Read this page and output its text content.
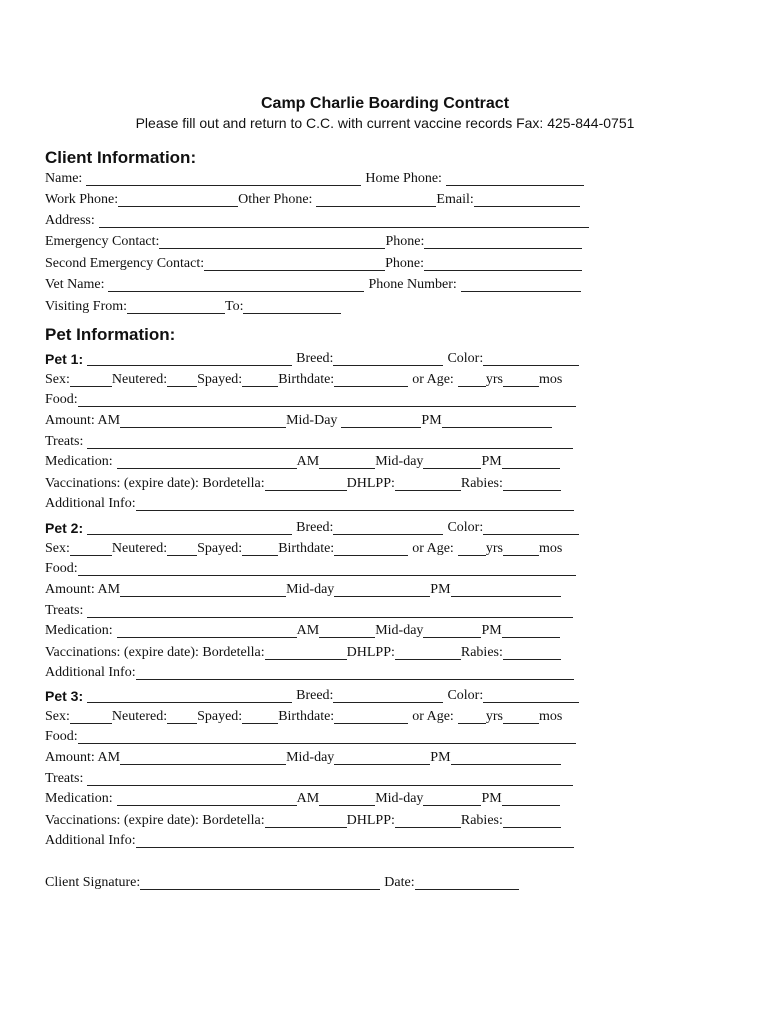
Camp Charlie Boarding Contract
Please fill out and return to C.C. with current vaccine records Fax: 425-844-0751
Client Information:
Name:	Home Phone:
Work Phone:	Other Phone:	Email:
Address:
Emergency Contact:	Phone:
Second Emergency Contact:	Phone:
Vet Name:	Phone Number:
Visiting From:	To:
Pet Information:
Pet 1:	Breed:	Color:
Sex:	Neutered: Spayed:	Birthdate:	or Age: yrs	mos
Food:
Amount: AM	Mid-Day	PM
Treats:
Medication:	AM	Mid-day	PM
Vaccinations: (expire date): Bordetella:	DHLPP:	Rabies:
Additional Info:
Pet 2:	Breed:	Color:
Sex:	Neutered: Spayed:	Birthdate:	or Age: yrs	mos
Food:
Amount: AM	Mid-day	PM
Treats:
Medication:	AM	Mid-day	PM
Vaccinations: (expire date): Bordetella:	DHLPP:	Rabies:
Additional Info:
Pet 3:	Breed:	Color:
Sex:	Neutered: Spayed:	Birthdate:	or Age: yrs	mos
Food:
Amount: AM	Mid-day	PM
Treats:
Medication:	AM	Mid-day	PM
Vaccinations: (expire date): Bordetella:	DHLPP:	Rabies:
Additional Info:
Client Signature:	Date:
